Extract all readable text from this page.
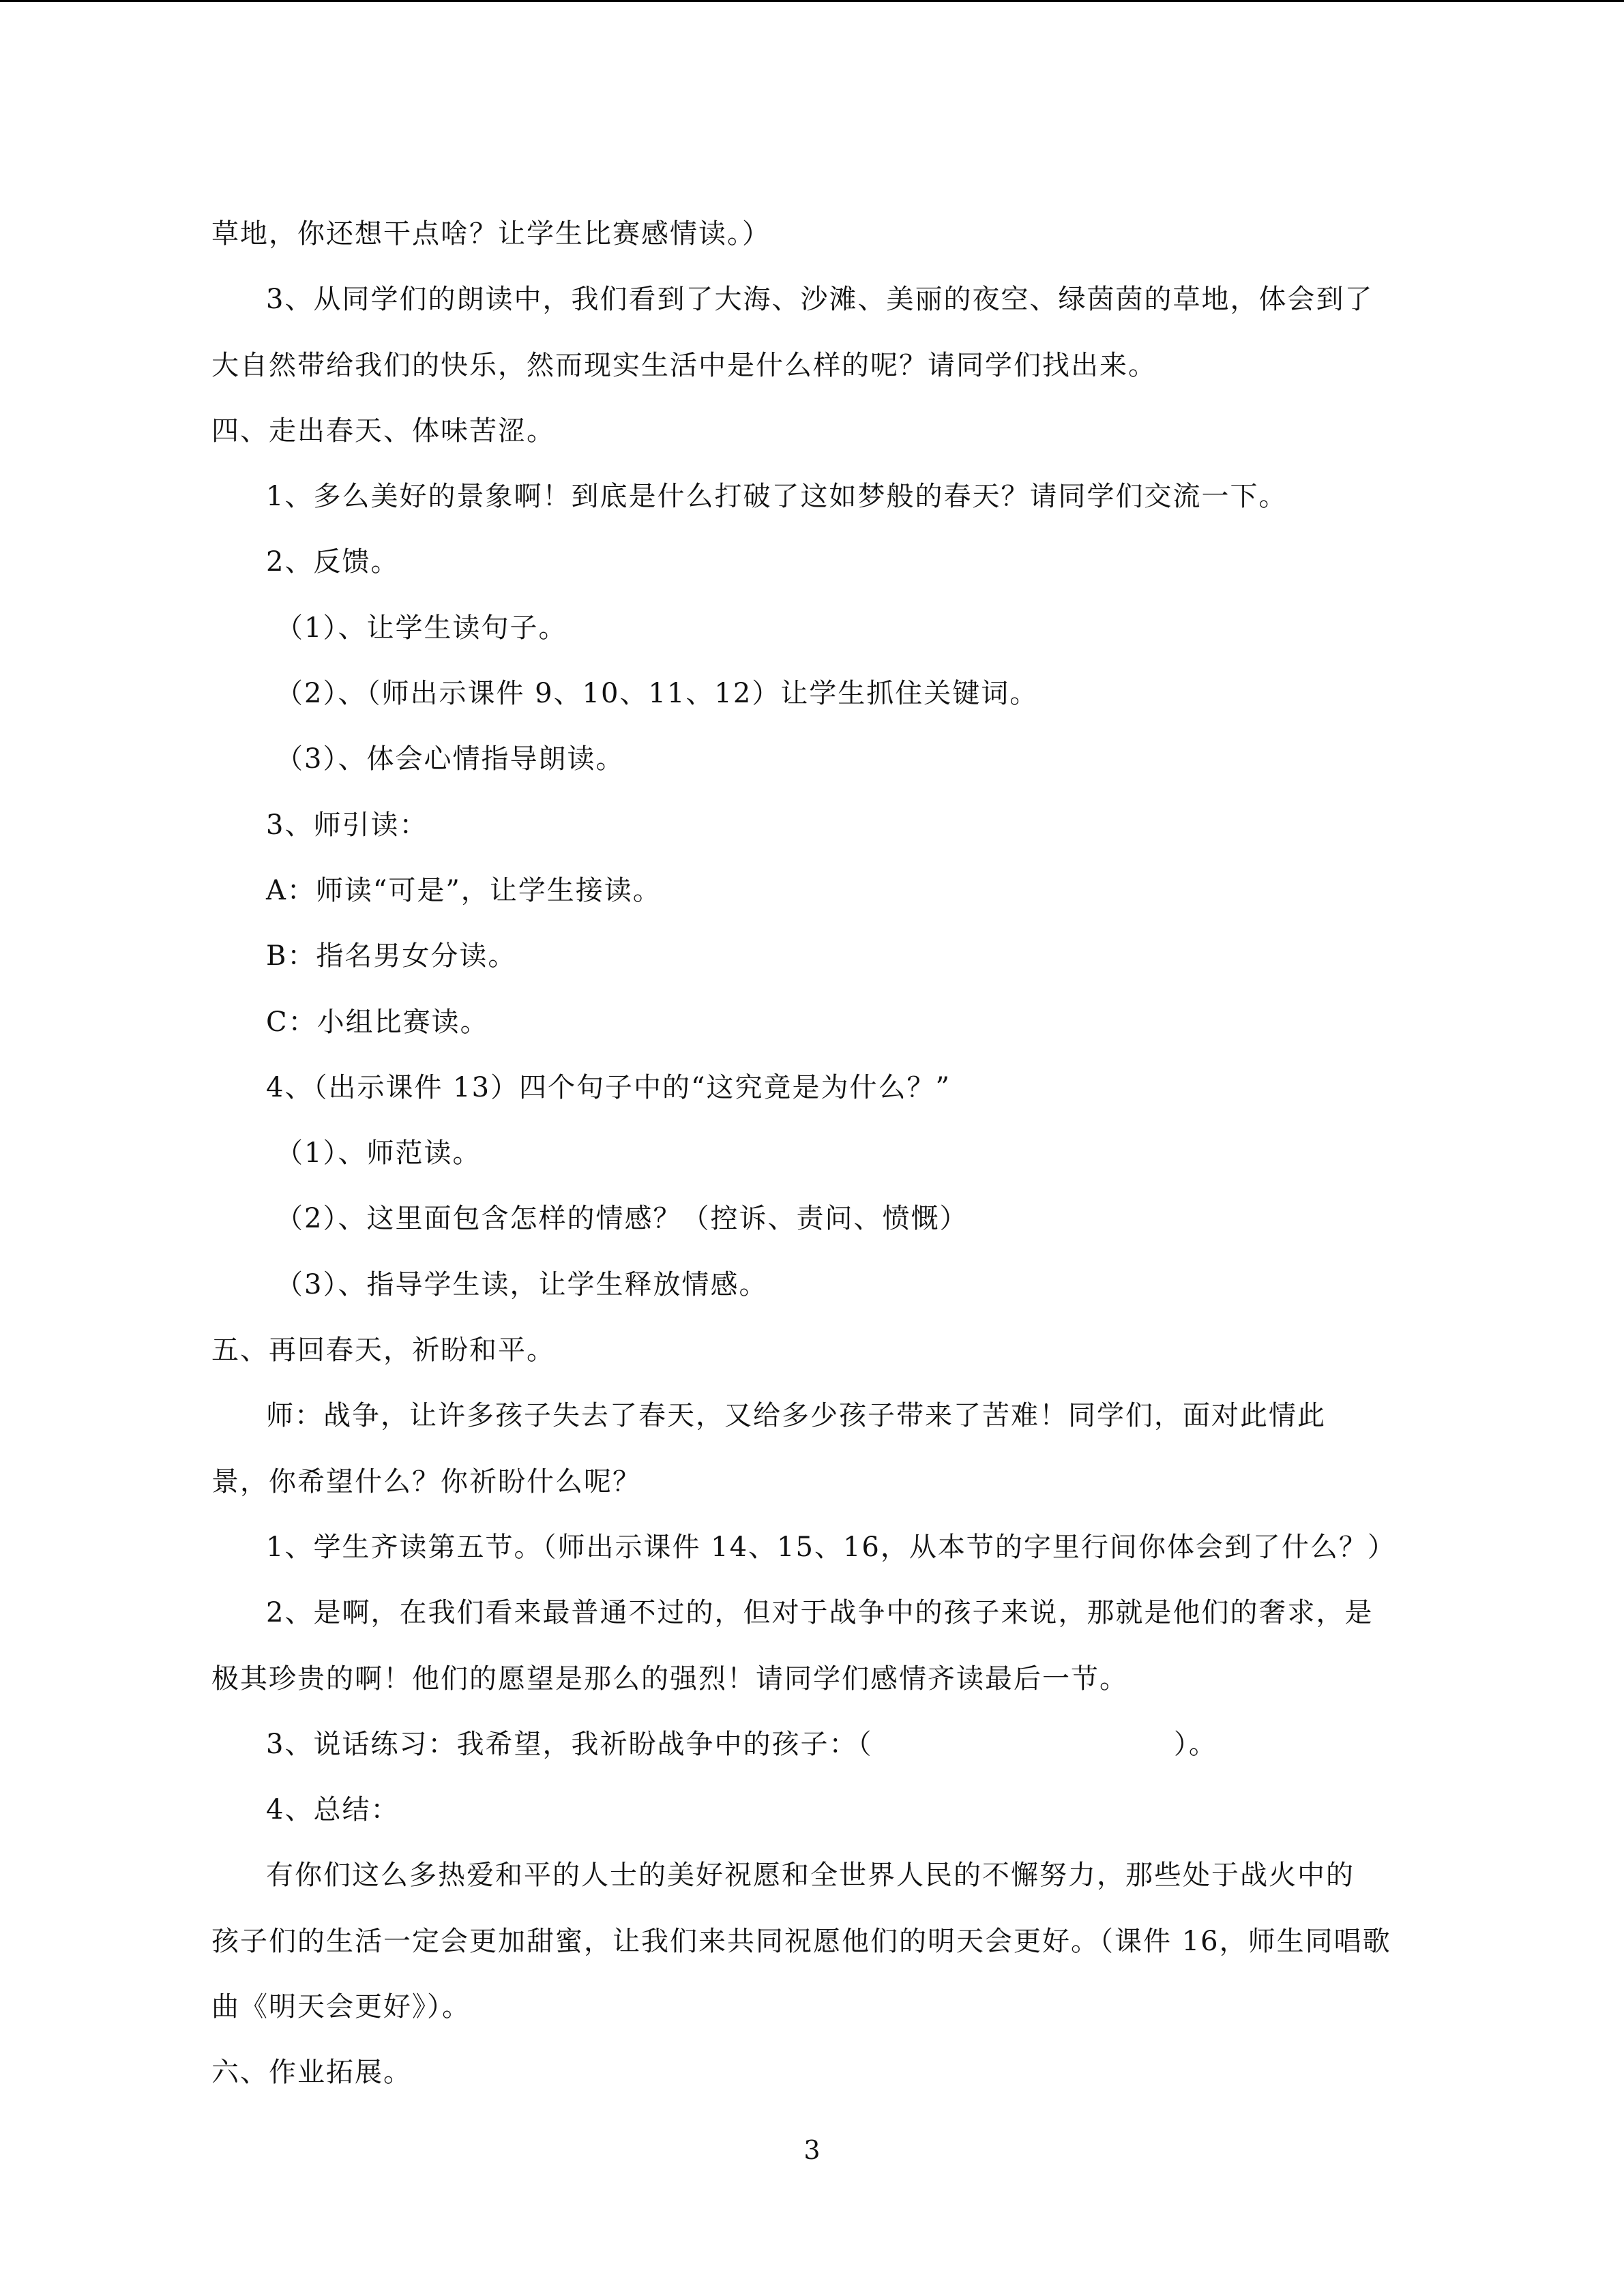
草地，你还想干点啥？让学生比赛感情读。）
3、从同学们的朗读中，我们看到了大海、沙滩、美丽的夜空、绿茵茵的草地，体会到了
大自然带给我们的快乐，然而现实生活中是什么样的呢？请同学们找出来。
四、走出春天、体味苦涩。
1、多么美好的景象啊！到底是什么打破了这如梦般的春天？请同学们交流一下。
2、反馈。
（1）、让学生读句子。
（2）、（师出示课件 9、10、11、12）让学生抓住关键词。
（3）、体会心情指导朗读。
3、师引读：
A：师读“可是”，让学生接读。
B：指名男女分读。
C：小组比赛读。
4、（出示课件 13）四个句子中的“这究竟是为什么？”
（1）、师范读。
（2）、这里面包含怎样的情感？（控诉、责问、愤慨）
（3）、指导学生读，让学生释放情感。
五、再回春天，祈盼和平。
师：战争，让许多孩子失去了春天，又给多少孩子带来了苦难！同学们，面对此情此
景，你希望什么？你祈盼什么呢？
1、学生齐读第五节。（师出示课件 14、15、16，从本节的字里行间你体会到了什么？）
2、是啊，在我们看来最普通不过的，但对于战争中的孩子来说，那就是他们的奢求，是
极其珍贵的啊！他们的愿望是那么的强烈！请同学们感情齐读最后一节。
3、说话练习：我希望，我祈盼战争中的孩子：（                              ）。
4、总结：
有你们这么多热爱和平的人士的美好祝愿和全世界人民的不懈努力，那些处于战火中的
孩子们的生活一定会更加甜蜜，让我们来共同祝愿他们的明天会更好。（课件 16，师生同唱歌
曲《明天会更好》）。
六、作业拓展。
3
